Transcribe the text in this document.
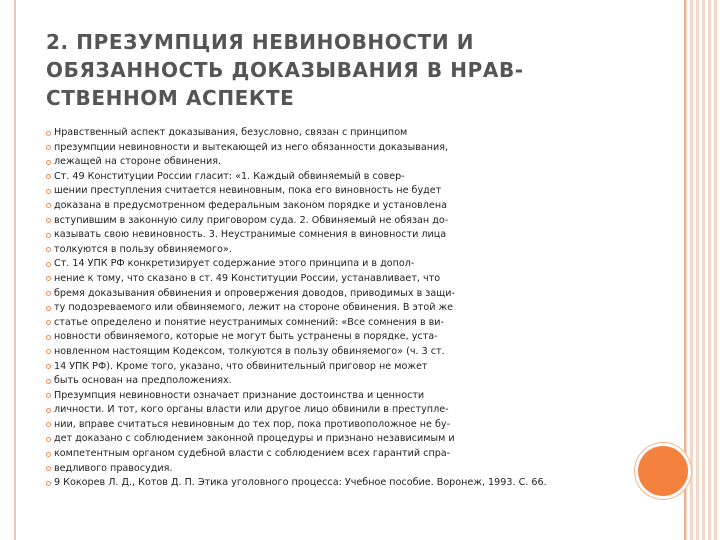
2. ПРЕЗУМПЦИЯ НЕВИНОВНОСТИ И
ОБЯЗАННОСТЬ ДОКАЗЫВАНИЯ В НРАВ-
СТВЕННОМ АСПЕКТЕ
Нравственный аспект доказывания, безусловно, связан с принципом
презумпции невиновности и вытекающей из него обязанности доказывания,
лежащей на стороне обвинения.
Ст. 49 Конституции России гласит: «1. Каждый обвиняемый в совер-
шении преступления считается невиновным, пока его виновность не будет
доказана в предусмотренном федеральным законом порядке и установлена
вступившим в законную силу приговором суда. 2. Обвиняемый не обязан до-
казывать свою невиновность. 3. Неустранимые сомнения в виновности лица
толкуются в пользу обвиняемого».
Ст. 14 УПК РФ конкретизирует содержание этого принципа и в допол-
нение к тому, что сказано в ст. 49 Конституции России, устанавливает, что
бремя доказывания обвинения и опровержения доводов, приводимых в защи-
ту подозреваемого или обвиняемого, лежит на стороне обвинения. В этой же
статье определено и понятие неустранимых сомнений: «Все сомнения в ви-
новности обвиняемого, которые не могут быть устранены в порядке, уста-
новленном настоящим Кодексом, толкуются в пользу обвиняемого» (ч. 3 ст.
14 УПК РФ). Кроме того, указано, что обвинительный приговор не может
быть основан на предположениях.
Презумпция невиновности означает признание достоинства и ценности
личности. И тот, кого органы власти или другое лицо обвинили в преступле-
нии, вправе считаться невиновным до тех пор, пока противоположное не бу-
дет доказано с соблюдением законной процедуры и признано независимым и
компетентным органом судебной власти с соблюдением всех гарантий спра-
ведливого правосудия.
9 Кокорев Л. Д., Котов Д. П. Этика уголовного процесса: Учебное пособие. Воронеж, 1993. С. 66.
